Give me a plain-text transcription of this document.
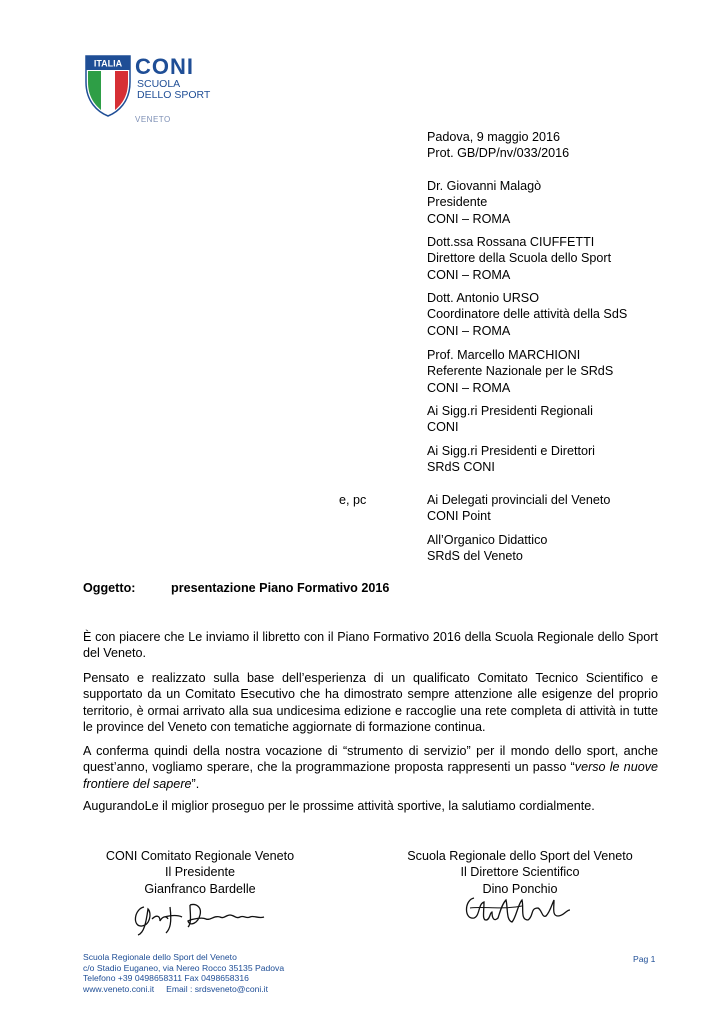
ITALIA CONI
SCUOLA
DELLO SPORT
VENETO
Padova, 9 maggio 2016
Prot. GB/DP/nv/033/2016
Dr. Giovanni Malagò
Presidente
CONI – ROMA
Dott.ssa Rossana CIUFFETTI
Direttore della Scuola dello Sport
CONI – ROMA
Dott. Antonio URSO
Coordinatore delle attività della SdS
CONI – ROMA
Prof. Marcello MARCHIONI
Referente Nazionale per le SRdS
CONI – ROMA
Ai Sigg.ri Presidenti Regionali
CONI
Ai Sigg.ri Presidenti e Direttori
SRdS CONI
e, pc	Ai Delegati provinciali del Veneto
CONI Point
All’Organico Didattico
SRdS del Veneto
Oggetto:	presentazione Piano Formativo 2016

È con piacere che Le inviamo il libretto con il Piano Formativo 2016 della Scuola Regionale dello Sport del Veneto.

Pensato e realizzato sulla base dell’esperienza di un qualificato Comitato Tecnico Scientifico e supportato da un Comitato Esecutivo che ha dimostrato sempre attenzione alle esigenze del proprio territorio, è ormai arrivato alla sua undicesima edizione e raccoglie una rete completa di attività in tutte le province del Veneto con tematiche aggiornate di formazione continua.

A conferma quindi della nostra vocazione di “strumento di servizio” per il mondo dello sport, anche quest’anno, vogliamo sperare, che la programmazione proposta rappresenti un passo “verso le nuove frontiere del sapere”.

AugurandoLe il miglior proseguo per le prossime attività sportive, la salutiamo cordialmente.

CONI Comitato Regionale Veneto
Il Presidente
Gianfranco Bardelle
Scuola Regionale dello Sport del Veneto
Il Direttore Scientifico
Dino Ponchio
Scuola Regionale dello Sport del Veneto
c/o Stadio Euganeo, via Nereo Rocco 35135 Padova
Telefono +39 0498658311 Fax 0498658316
www.veneto.coni.it     Email : srdsveneto@coni.it
Pag 1
